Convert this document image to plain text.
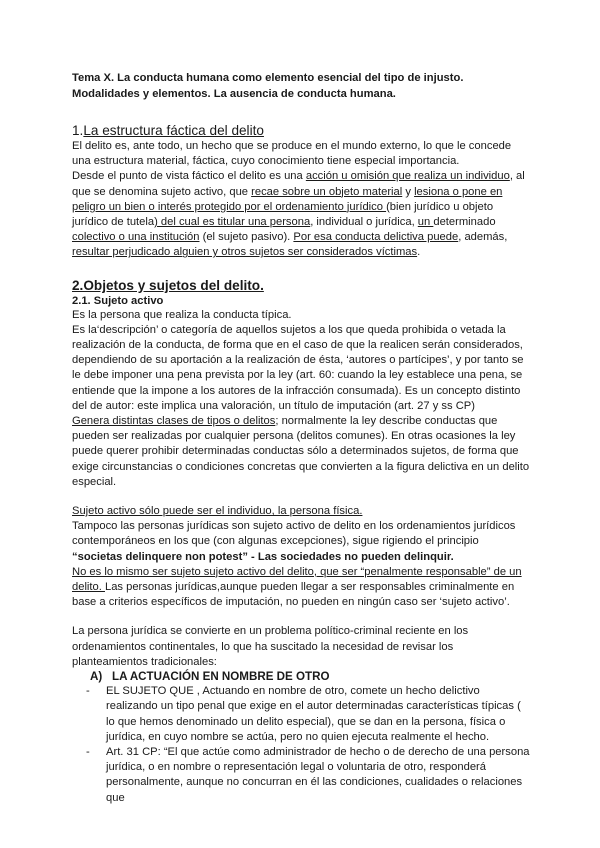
Tema X. La conducta humana como elemento esencial del tipo de injusto.

Modalidades y elementos. La ausencia de conducta humana.

1.La estructura fáctica del delito

El delito es, ante todo, un hecho que se produce en el mundo externo, lo que le concede una estructura material, fáctica, cuyo conocimiento tiene especial importancia.

Desde el punto de vista fáctico el delito es una acción u omisión que realiza un individuo, al que se denomina sujeto activo, que recae sobre un objeto material y lesiona o pone en peligro un bien o interés protegido por el ordenamiento jurídico (bien jurídico u objeto jurídico de tutela) del cual es titular una persona, individual o jurídica, un determinado colectivo o una institución (el sujeto pasivo). Por esa conducta delictiva puede, además, resultar perjudicado alguien y otros sujetos ser considerados víctimas.

2.Objetos y sujetos del delito.

2.1. Sujeto activo

Es la persona que realiza la conducta típica.

Es la‘descripción’ o categoría de aquellos sujetos a los que queda prohibida o vetada la realización de la conducta, de forma que en el caso de que la realicen serán considerados, dependiendo de su aportación a la realización de ésta, ‘autores o partícipes’, y por tanto se le debe imponer una pena prevista por la ley (art. 60: cuando la ley establece una pena, se entiende que la impone a los autores de la infracción consumada). Es un concepto distinto del de autor: este implica una valoración, un título de imputación (art. 27 y ss CP)

Genera distintas clases de tipos o delitos; normalmente la ley describe conductas que pueden ser realizadas por cualquier persona (delitos comunes). En otras ocasiones la ley puede querer prohibir determinadas conductas sólo a determinados sujetos, de forma que exige circunstancias o condiciones concretas que convierten a la figura delictiva en un delito especial.

Sujeto activo sólo puede ser el individuo, la persona física.

Tampoco las personas jurídicas son sujeto activo de delito en los ordenamientos jurídicos contemporáneos en los que (con algunas excepciones), sigue rigiendo el principio

“societas delinquere non potest” - Las sociedades no pueden delinquir.

No es lo mismo ser sujeto sujeto activo del delito, que ser “penalmente responsable” de un delito. Las personas jurídicas,aunque pueden llegar a ser responsables criminalmente en base a criterios específicos de imputación, no pueden en ningún caso ser ‘sujeto activo’.

La persona jurídica se convierte en un problema político-criminal reciente en los ordenamientos continentales, lo que ha suscitado la necesidad de revisar los planteamientos tradicionales:

A) LA ACTUACIÓN EN NOMBRE DE OTRO
- EL SUJETO QUE , Actuando en nombre de otro, comete un hecho delictivo realizando un tipo penal que exige en el autor determinadas características típicas ( lo que hemos denominado un delito especial), que se dan en la persona, física o jurídica, en cuyo nombre se actúa, pero no quien ejecuta realmente el hecho.
- Art. 31 CP: “El que actúe como administrador de hecho o de derecho de una persona jurídica, o en nombre o representación legal o voluntaria de otro, responderá personalmente, aunque no concurran en él las condiciones, cualidades o relaciones que
